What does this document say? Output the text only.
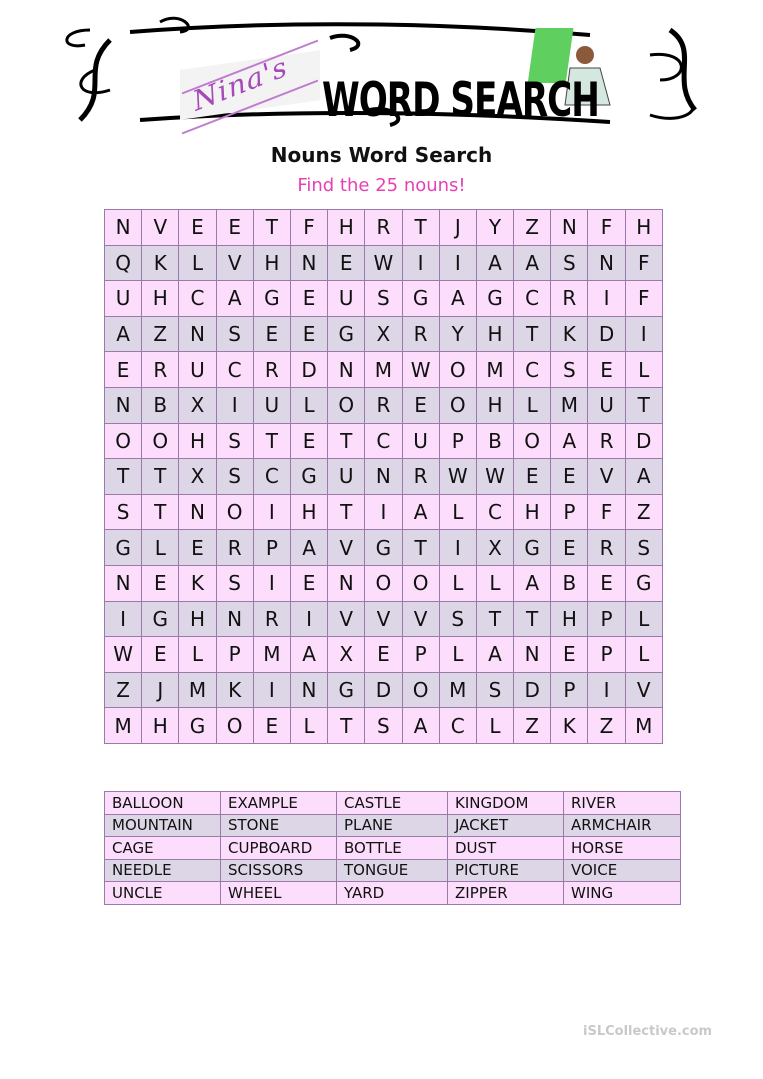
Nina's WORD SEARCH
Nouns Word Search
Find the 25 nouns!
N	V	E	E	T	F	H	R	T	J	Y	Z	N	F	H
Q	K	L	V	H	N	E	W	I	I	A	A	S	N	F
U	H	C	A	G	E	U	S	G	A	G	C	R	I	F
A	Z	N	S	E	E	G	X	R	Y	H	T	K	D	I
E	R	U	C	R	D	N	M	W	O	M	C	S	E	L
N	B	X	I	U	L	O	R	E	O	H	L	M	U	T
O	O	H	S	T	E	T	C	U	P	B	O	A	R	D
T	T	X	S	C	G	U	N	R	W	W	E	E	V	A
S	T	N	O	I	H	T	I	A	L	C	H	P	F	Z
G	L	E	R	P	A	V	G	T	I	X	G	E	R	S
N	E	K	S	I	E	N	O	O	L	L	A	B	E	G
I	G	H	N	R	I	V	V	V	S	T	T	H	P	L
W	E	L	P	M	A	X	E	P	L	A	N	E	P	L
Z	J	M	K	I	N	G	D	O	M	S	D	P	I	V
M	H	G	O	E	L	T	S	A	C	L	Z	K	Z	M
BALLOON	EXAMPLE	CASTLE	KINGDOM	RIVER
MOUNTAIN	STONE	PLANE	JACKET	ARMCHAIR
CAGE	CUPBOARD	BOTTLE	DUST	HORSE
NEEDLE	SCISSORS	TONGUE	PICTURE	VOICE
UNCLE	WHEEL	YARD	ZIPPER	WING
iSLCollective.com
